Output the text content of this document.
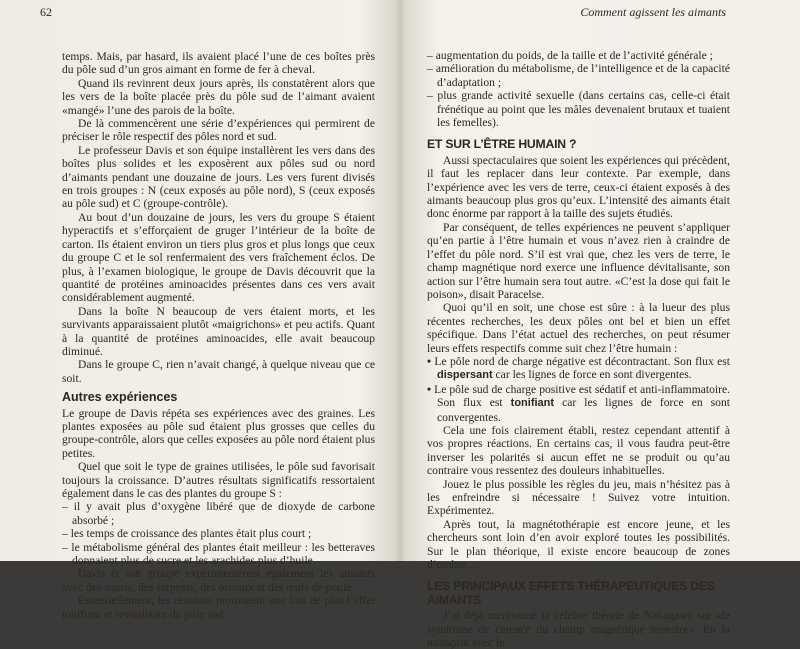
62

temps. Mais, par hasard, ils avaient placé l’une de ces boîtes près du pôle sud d’un gros aimant en forme de fer à cheval.

Quand ils revinrent deux jours après, ils constatèrent alors que les vers de la boîte placée près du pôle sud de l’aimant avaient «mangé» l’une des parois de la boîte.

De là commencèrent une série d’expériences qui permirent de préciser le rôle respectif des pôles nord et sud.

Le professeur Davis et son équipe installèrent les vers dans des boîtes plus solides et les exposèrent aux pôles sud ou nord d’aimants pendant une douzaine de jours. Les vers furent divisés en trois groupes : N (ceux exposés au pôle nord), S (ceux exposés au pôle sud) et C (groupe-contrôle).

Au bout d’un douzaine de jours, les vers du groupe S étaient hyperactifs et s’efforçaient de gruger l’intérieur de la boîte de carton. Ils étaient environ un tiers plus gros et plus longs que ceux du groupe C et le sol renfermaient des vers fraîchement éclos. De plus, à l’examen biologique, le groupe de Davis découvrit que la quantité de protéines aminoacides présentes dans ces vers avait considérablement augmenté.

Dans la boîte N beaucoup de vers étaient morts, et les survivants apparaissaient plutôt «maigrichons» et peu actifs. Quant à la quantité de protéines aminoacides, elle avait beaucoup diminué.

Dans le groupe C, rien n’avait changé, à quelque niveau que ce soit.

Autres expériences

Le groupe de Davis répéta ses expériences avec des graines. Les plantes exposées au pôle sud étaient plus grosses que celles du groupe-contrôle, alors que celles exposées au pôle nord étaient plus petites.

Quel que soit le type de graines utilisées, le pôle sud favorisait toujours la croissance. D’autres résultats significatifs ressortaient également dans le cas des plantes du groupe S :

– il y avait plus d’oxygène libéré que de dioxyde de carbone absorbé ;
– les temps de croissance des plantes était plus court ;
– le métabolisme général des plantes était meilleur : les betteraves donnaient plus de sucre et les arachides plus d’huile.

Davis et son groupe expérimentèrent également les aimants avec des souris, des serpents, des oiseaux et des œufs de poule.

Essentiellement, les résultats prouvaient une fois de plus l’effet tonifiant et revitalisant du pôle sud :

Comment agissent les aimants
– augmentation du poids, de la taille et de l’activité générale ;
– amélioration du métabolisme, de l’intelligence et de la capacité d’adaptation ;
– plus grande activité sexuelle (dans certains cas, celle-ci était frénétique au point que les mâles devenaient brutaux et tuaient les femelles).
ET SUR L’ÊTRE HUMAIN ?

Aussi spectaculaires que soient les expériences qui précèdent, il faut les replacer dans leur contexte. Par exemple, dans l’expérience avec les vers de terre, ceux-ci étaient exposés à des aimants beaucoup plus gros qu’eux. L’intensité des aimants était donc énorme par rapport à la taille des sujets étudiés.

Par conséquent, de telles expériences ne peuvent s’appliquer qu’en partie à l’être humain et vous n’avez rien à craindre de l’effet du pôle nord. S’il est vrai que, chez les vers de terre, le champ magnétique nord exerce une influence dévitalisante, son action sur l’être humain sera tout autre. «C’est la dose qui fait le poison», disait Paracelse.

Quoi qu’il en soit, une chose est sûre : à la lueur des plus récentes recherches, les deux pôles ont bel et bien un effet spécifique. Dans l’état actuel des recherches, on peut résumer leurs effets respectifs comme suit chez l’être humain :

• Le pôle nord de charge négative est décontractant. Son flux est dispersant car les lignes de force en sont divergentes.
• Le pôle sud de charge positive est sédatif et anti-inflammatoire. Son flux est tonifiant car les lignes de force en sont convergentes.

Cela une fois clairement établi, restez cependant attentif à vos propres réactions. En certains cas, il vous faudra peut-être inverser les polarités si aucun effet ne se produit ou qu’au contraire vous ressentez des douleurs inhabituelles.

Jouez le plus possible les règles du jeu, mais n’hésitez pas à les enfreindre si nécessaire ! Suivez votre intuition. Expérimentez.

Après tout, la magnétothérapie est encore jeune, et les chercheurs sont loin d’en avoir exploré toutes les possibilités. Sur le plan théorique, il existe encore beaucoup de zones d’ombre...

LES PRINCIPAUX EFFETS THÉRAPEUTIQUES DES AIMANTS

J’ai déjà mentionné la célèbre théorie de Nakagawa sur «le syndrome de carence du champ magnétique terrestre». En la nuançant avec le
